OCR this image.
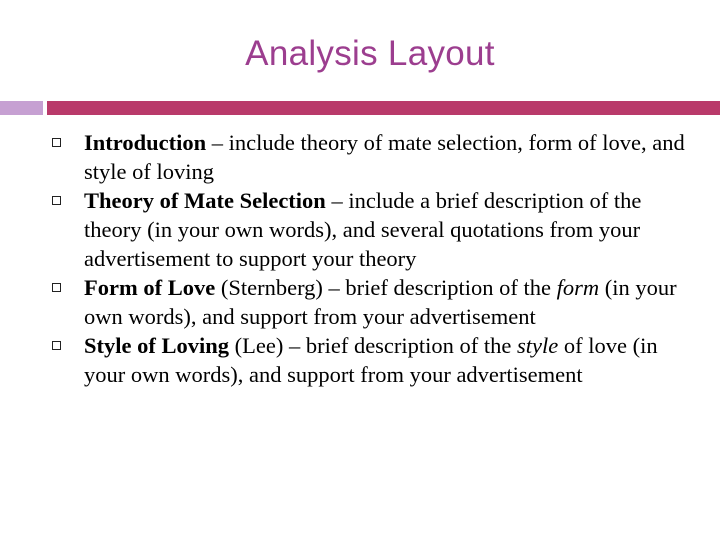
Analysis Layout
Introduction – include theory of mate selection, form of love, and style of loving
Theory of Mate Selection – include a brief description of the theory (in your own words), and several quotations from your advertisement to support your theory
Form of Love (Sternberg) – brief description of the form (in your own words), and support from your advertisement
Style of Loving (Lee) – brief description of the style of love (in your own words), and support from your advertisement
